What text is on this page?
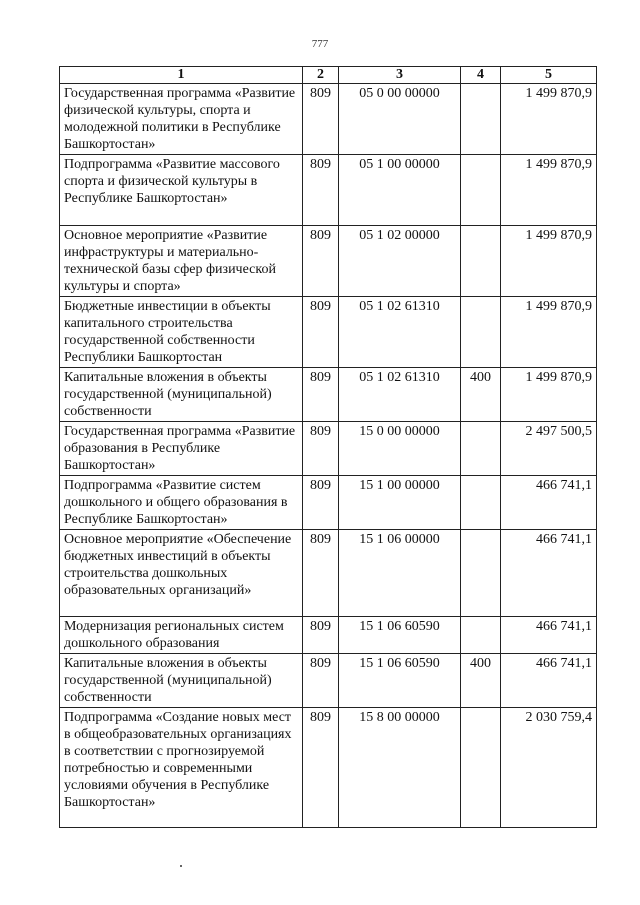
777
1	2	3	4	5
Государственная программа «Развитие физической культуры, спорта и молодежной политики в Республике Башкортостан»	809	05 0 00 00000		1 499 870,9
Подпрограмма «Развитие массового спорта и физической культуры в Республике Башкортостан»	809	05 1 00 00000		1 499 870,9
Основное мероприятие «Развитие инфраструктуры и материально-технической базы сфер физической культуры и спорта»	809	05 1 02 00000		1 499 870,9
Бюджетные инвестиции в объекты капитального строительства государственной собственности Республики Башкортостан	809	05 1 02 61310		1 499 870,9
Капитальные вложения в объекты государственной (муниципальной) собственности	809	05 1 02 61310	400	1 499 870,9
Государственная программа «Развитие образования в Республике Башкортостан»	809	15 0 00 00000		2 497 500,5
Подпрограмма «Развитие систем дошкольного и общего образования в Республике Башкортостан»	809	15 1 00 00000		466 741,1
Основное мероприятие «Обеспечение бюджетных инвестиций в объекты строительства дошкольных образовательных организаций»	809	15 1 06 00000		466 741,1
Модернизация региональных систем дошкольного образования	809	15 1 06 60590		466 741,1
Капитальные вложения в объекты государственной (муниципальной) собственности	809	15 1 06 60590	400	466 741,1
Подпрограмма «Создание новых мест в общеобразовательных организациях в соответствии с прогнозируемой потребностью и современными условиями обучения в Республике Башкортостан»	809	15 8 00 00000		2 030 759,4
